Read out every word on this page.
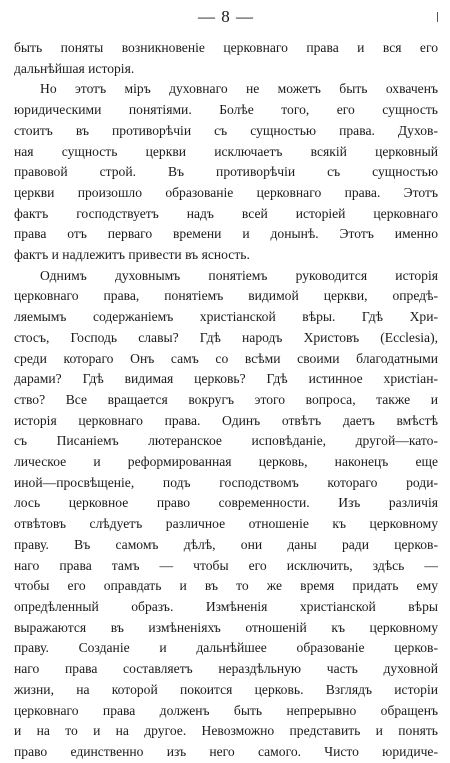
— 8 —

быть поняты возникновеніе церковнаго права и вся его
дальнѣйшая исторія.

Но этотъ міръ духовнаго не можетъ быть охваченъ
юридическими понятіями. Болѣе того, его сущность
стоитъ въ противорѣчіи съ сущностью права. Духов-
ная сущность церкви исключаетъ всякій церковный
правовой строй. Въ противорѣчіи съ сущностью
церкви произошло образованіе церковнаго права. Этотъ
фактъ господствуетъ надъ всей исторіей церковнаго
права отъ перваго времени и донынѣ. Этотъ именно
фактъ и надлежитъ привести въ ясность.

Однимъ духовнымъ понятіемъ руководится исторія
церковнаго права, понятіемъ видимой церкви, опредѣ-
ляемымъ содержаніемъ христіанской вѣры. Гдѣ Хри-
стосъ, Господь славы? Гдѣ народъ Христовъ (Ecclesia),
среди котораго Онъ самъ со всѣми своими благодатными
дарами? Гдѣ видимая церковь? Гдѣ истинное христіан-
ство? Все вращается вокругъ этого вопроса, также и
исторія церковнаго права. Одинъ отвѣтъ даетъ вмѣстѣ
съ Писаніемъ лютеранское исповѣданіе, другой—като-
лическое и реформированная церковь, наконецъ еще
иной—просвѣщеніе, подъ господствомъ котораго роди-
лось церковное право современности. Изъ различія
отвѣтовъ слѣдуетъ различное отношеніе къ церковному
праву. Въ самомъ дѣлѣ, они даны ради церков-
наго права тамъ — чтобы его исключить, здѣсь —
чтобы его оправдать и въ то же время придать ему
опредѣленный образъ. Измѣненія христіанской вѣры
выражаются въ измѣненіяхъ отношеній къ церковному
праву. Созданіе и дальнѣйшее образованіе церков-
наго права составляетъ нераздѣльную часть духовной
жизни, на которой покоится церковь. Взглядъ исторіи
церковнаго права долженъ быть непрерывно обращенъ
и на то и на другое. Невозможно представить и понять
право единственно изъ него самого. Чисто юридиче-
